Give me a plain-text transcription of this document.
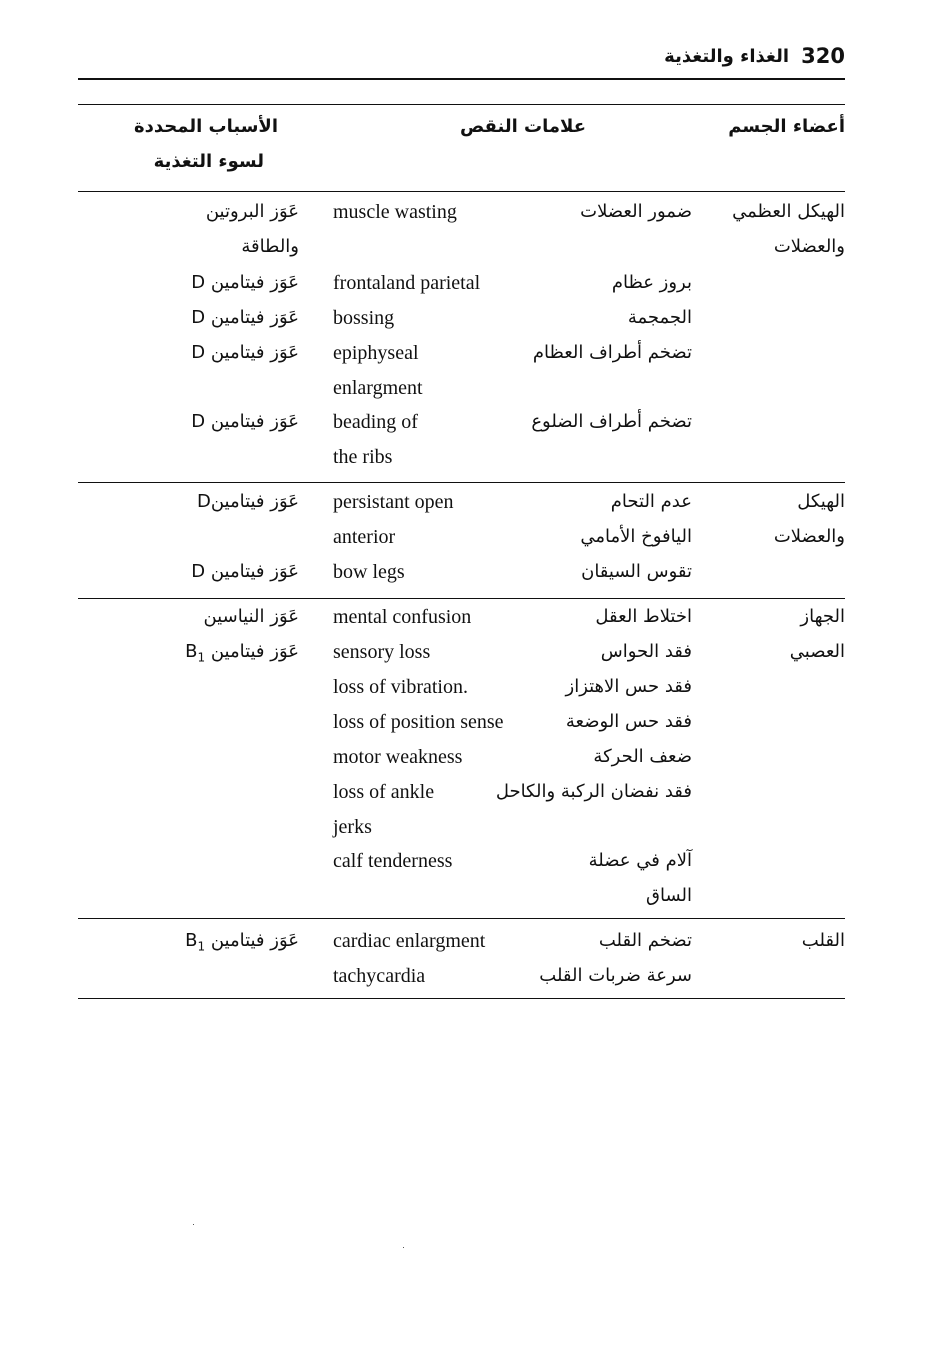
320
الغذاء والتغذية
أعضاء الجسم
علامات النقص
الأسباب المحددة
لسوء التغذية
الهيكل العظمي
والعضلات
ضمور العضلات
muscle wasting
عَوَز البروتين
والطاقة
بروز عظام
الجمجمة
frontaland parietal
bossing
D عَوَز فيتامين
D عَوَز فيتامين
تضخم أطراف العظام
epiphyseal
enlargment
D عَوَز فيتامين
تضخم أطراف الضلوع
beading of
the ribs
D عَوَز فيتامين
الهيكل
والعضلات
عدم التحام
اليافوخ الأمامي
persistant open
anterior
Dعَوَز فيتامين
تقوس السيقان
bow legs
D عَوَز فيتامين
الجهاز
العصبي
اختلاط العقل
mental confusion
عَوَز النياسين
فقد الحواس
sensory loss
$B_1$ عَوَز فيتامين
فقد حس الاهتزاز
loss of vibration.
فقد حس الوضعة
loss of position sense
ضعف الحركة
motor weakness
فقد نفضان الركبة والكاحل
loss of ankle
jerks
آلام في عضلة
الساق
calf tenderness
القلب
تضخم القلب
cardiac enlargment
$B_1$ عَوَز فيتامين
سرعة ضربات القلب
tachycardia
